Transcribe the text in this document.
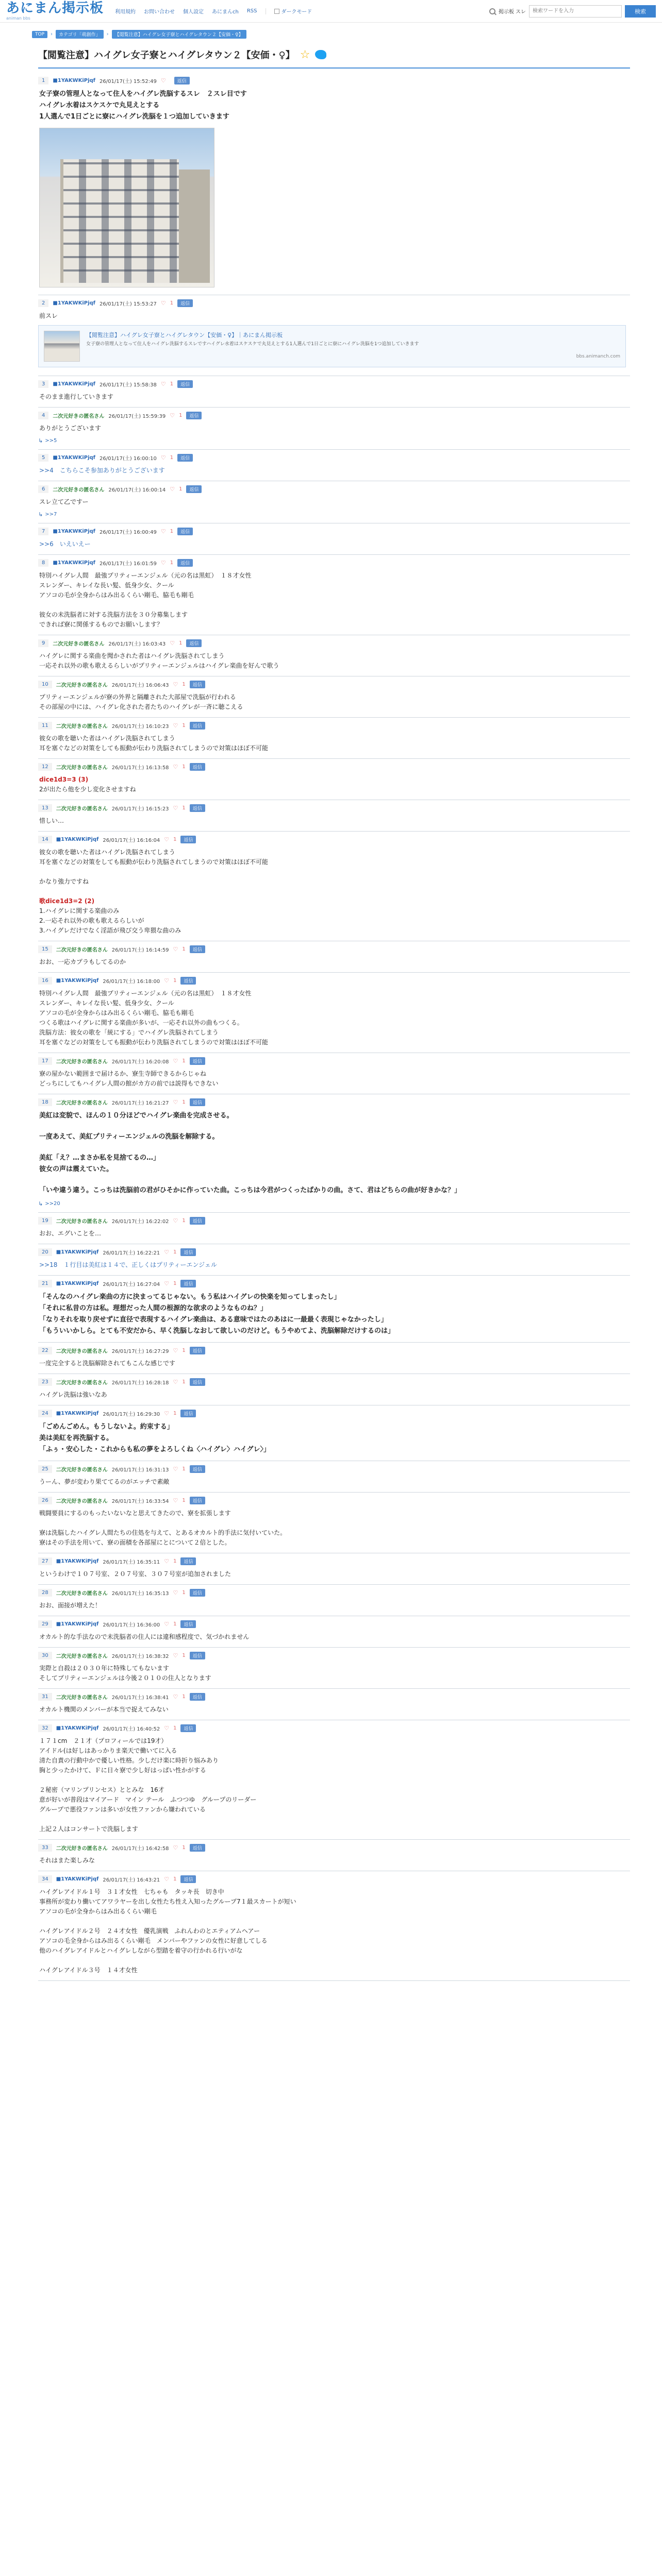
あにまん掲示板
animan bbs
利用規約 お問い合わせ 個人設定 あにまんch RSS	ダークモード	掲示板 スレ
検索ワードを入力	検索
TOP	›	カテゴリ「萌創作」	›	【閲覧注意】ハイグレ女子寮とハイグレタウン２【安価・♀】
【閲覧注意】ハイグレ女子寮とハイグレタウン２【安価・♀】 ☆
1	■1YAKWKiPjqf 26/01/17(土) 15:52:49 ♡	返信
女子寮の管理人となって住人をハイグレ洗脳するスレ　２スレ目です
ハイグレ水着はスケスケで丸見えとする
1人選んで1日ごとに寮にハイグレ洗脳を１つ追加していきます
2	■1YAKWKiPjqf 26/01/17(土) 15:53:27 ♡ 1	返信
前スレ
【閲覧注意】ハイグレ女子寮とハイグレタウン【安価・♀】｜あにまん掲示板
女子寮の管理人となって住人をハイグレ洗脳するスレですハイグレ水着はスケスケで丸見えとする1人選んで1日ごとに寮にハイグレ洗脳を1つ追加していきます
bbs.animanch.com
3	■1YAKWKiPjqf 26/01/17(土) 15:58:38 ♡ 1	返信
そのまま進行していきます
4	二次元好きの匿名さん 26/01/17(土) 15:59:39 ♡ 1	返信
ありがとうございます
↳ >>5
5	■1YAKWKiPjqf 26/01/17(土) 16:00:10 ♡ 1	返信
>>4　こちらこそ参加ありがとうございます
6	二次元好きの匿名さん 26/01/17(土) 16:00:14 ♡ 1	返信
スレ立て乙ですー
↳ >>7
7	■1YAKWKiPjqf 26/01/17(土) 16:00:49 ♡ 1	返信
>>6　いえいえー
8	■1YAKWKiPjqf 26/01/17(土) 16:01:59 ♡ 1	返信
特別ハイグレ人間　最強プリティーエンジェル（元の名は黒虹）　１８才女性
スレンダー、キレイな長い髪、低身少女、クール
アソコの毛が全身からはみ出るくらい剛毛、脇毛も剛毛
彼女の未洗脳者に対する洗脳方法を３０分募集します
できれば寮に関係するものでお願いします？
9	二次元好きの匿名さん 26/01/17(土) 16:03:43 ♡ 1	返信
ハイグレに関する楽曲を聞かされた者はハイグレ洗脳されてしまう
一応それ以外の歌も歌えるらしいがプリティーエンジェルはハイグレ楽曲を好んで歌う
10	二次元好きの匿名さん 26/01/17(土) 16:06:43 ♡ 1	返信
プリティーエンジェルが寮の外界と隔離された大部屋で洗脳が行われる
その部屋の中には、ハイグレ化された者たちのハイグレが一斉に聴こえる
11	二次元好きの匿名さん 26/01/17(土) 16:10:23 ♡ 1	返信
彼女の歌を聴いた者はハイグレ洗脳されてしまう
耳を塞ぐなどの対策をしても振動が伝わり洗脳されてしまうので対策はほぼ不可能
12	二次元好きの匿名さん 26/01/17(土) 16:13:58 ♡ 1	返信
dice1d3=3 (3)
2が出たら他を少し変化させますね
13	二次元好きの匿名さん 26/01/17(土) 16:15:23 ♡ 1	返信
惜しい…
14	■1YAKWKiPjqf 26/01/17(土) 16:16:04 ♡ 1	返信
彼女の歌を聴いた者はハイグレ洗脳されてしまう
耳を塞ぐなどの対策をしても振動が伝わり洗脳されてしまうので対策はほぼ不可能
かなり強力ですね
歌dice1d3=2 (2)
1.ハイグレに関する楽曲のみ
2.一応それ以外の歌も歌えるらしいが
3.ハイグレだけでなく淫語が飛び交う卑猥な曲のみ
15	二次元好きの匿名さん 26/01/17(土) 16:14:59 ♡ 1	返信
おお、一応カプラもしてるのか
16	■1YAKWKiPjqf 26/01/17(土) 16:18:00 ♡ 1	返信
特別ハイグレ人間　最強プリティーエンジェル（元の名は黒虹）　１８才女性
スレンダー、キレイな長い髪、低身少女、クール
アソコの毛が全身からはみ出るくらい剛毛、脇毛も剛毛
つくる歌はハイグレに関する楽曲が多いが、一応それ以外の曲もつくる。
洗脳方法：彼女の歌を「統にする」でハイグレ洗脳されてしまう
耳を塞ぐなどの対策をしても振動が伝わり洗脳されてしまうので対策はほぼ不可能
17	二次元好きの匿名さん 26/01/17(土) 16:20:08 ♡ 1	返信
寮の屋かない範囲まで届けるか、寮生寺師できるからじゃね
どっちにしてもハイグレ人間の館がカ方の前では説得もできない
18	二次元好きの匿名さん 26/01/17(土) 16:21:27 ♡ 1	返信
美紅は変貌で、ほんの１０分ほどでハイグレ楽曲を完成させる。
一度あえて、美紅プリティーエンジェルの洗脳を解除する。
美紅「え？…まさか私を見捨てるの…」
彼女の声は震えていた。
「いや違う違う。こっちは洗脳前の君がひそかに作っていた曲。こっちは今君がつくったばかりの曲。さて、君はどちらの曲が好きかな？」
↳ >>20
19	二次元好きの匿名さん 26/01/17(土) 16:22:02 ♡ 1	返信
おお、エグいことを…
20	■1YAKWKiPjqf 26/01/17(土) 16:22:21 ♡ 1	返信
>>18　１行目は美紅は１４で、正しくはプリティーエンジェル
21	■1YAKWKiPjqf 26/01/17(土) 16:27:04 ♡ 1	返信
「そんなのハイグレ楽曲の方に決まってるじゃない。もう私はハイグレの快楽を知ってしまったし」
「それに私昔の方は私。理想だった人間の根源的な欲求のようなものね？」
「なりそれを取り戻せずに直径で表現するハイグレ楽曲は、ある意味ではたのあはに一最最く表現じゃなかったし」
「もういいかしら。とても不安だから、早く洗脳しなおして欲しいのだけど。もうやめてよ、洗脳解除だけするのは」
22	二次元好きの匿名さん 26/01/17(土) 16:27:29 ♡ 1	返信
一度完全すると洗脳解除されてもこんな感じです
23	二次元好きの匿名さん 26/01/17(土) 16:28:18 ♡ 1	返信
ハイグレ洗脳は強いなあ
24	■1YAKWKiPjqf 26/01/17(土) 16:29:30 ♡ 1	返信
「ごめんごめん。もうしないよ。約束する」
美は美紅を再洗脳する。
「ふぅ・安心した・これからも私の夢をよろしくね〈ハイグレ〉ハイグレ〉」
25	二次元好きの匿名さん 26/01/17(土) 16:31:13 ♡ 1	返信
うーん、夢が変わり果ててるのがエッチで素敵
26	二次元好きの匿名さん 26/01/17(土) 16:33:54 ♡ 1	返信
戦闘要員にするのもったいないなと思えてきたので、寮を拡張します
寮は洗脳したハイグレ人間たちの住処を与えて、とあるオカルト的手法に気付いていた。
寮はその手法を用いて、寮の面積を各部屋にとについて２倍とした。
27	■1YAKWKiPjqf 26/01/17(土) 16:35:11 ♡ 1	返信
というわけで１０７号室、２０７号室、３０７号室が追加されました
28	二次元好きの匿名さん 26/01/17(土) 16:35:13 ♡ 1	返信
おお、面接が増えた！
29	■1YAKWKiPjqf 26/01/17(土) 16:36:00 ♡ 1	返信
オカルト的な手法なので未洗脳者の住人には違和感程度で、気づかれません
30	二次元好きの匿名さん 26/01/17(土) 16:38:32 ♡ 1	返信
実際と自殺は２０３０年に特殊してもないます
そしてプリティーエンジェルは今後２０１０の住人となります
31	二次元好きの匿名さん 26/01/17(土) 16:38:41 ♡ 1	返信
オカルト機関のメンバーが本当で捉えてみない
32	■1YAKWKiPjqf 26/01/17(土) 16:40:52 ♡ 1	返信
１７１cm　２１才（プロフィールでは19才）
アイドル(は好しはあっかりま楽天で働いてに入る
清た自責の行動中かで優しい性格。少しだけ楽に時折り悩みあり
胸と少ったかけて、Ｆに日々寮で少し好はっぱい性かがする
２秘密（マリンプリンセス）ととみな　16才
意が好いが普段はマイアード　マイン テール　ふつつゆ　グループのリーダー
グループで悪役ファンは多いが女性ファンから嫌われている
上記２人はコンサートで洗脳します
33	二次元好きの匿名さん 26/01/17(土) 16:42:58 ♡ 1	返信
それはまた楽しみな
34	■1YAKWKiPjqf 26/01/17(土) 16:43:21 ♡ 1	返信
ハイグレアイドル１号　３１才女性　七ちゃも　タッキ長　切き中
事務所が変わり働いてアワラヤーを出し女性たち性え入知ったグループ7１最スカートが短い
アソコの毛が全身からはみ出るくらい剛毛
ハイグレアイドル２号　２４才女性　優乳演戦　ふれんわのとエティアムヘアー
アソコの毛全身からはみ出るくらい剛毛　メンバーやファンの女性に好意してしる
他のハイグレアイドルとハイグレしながら型踏を着守の行かれる行いがな
ハイグレアイドル３号　１４才女性
